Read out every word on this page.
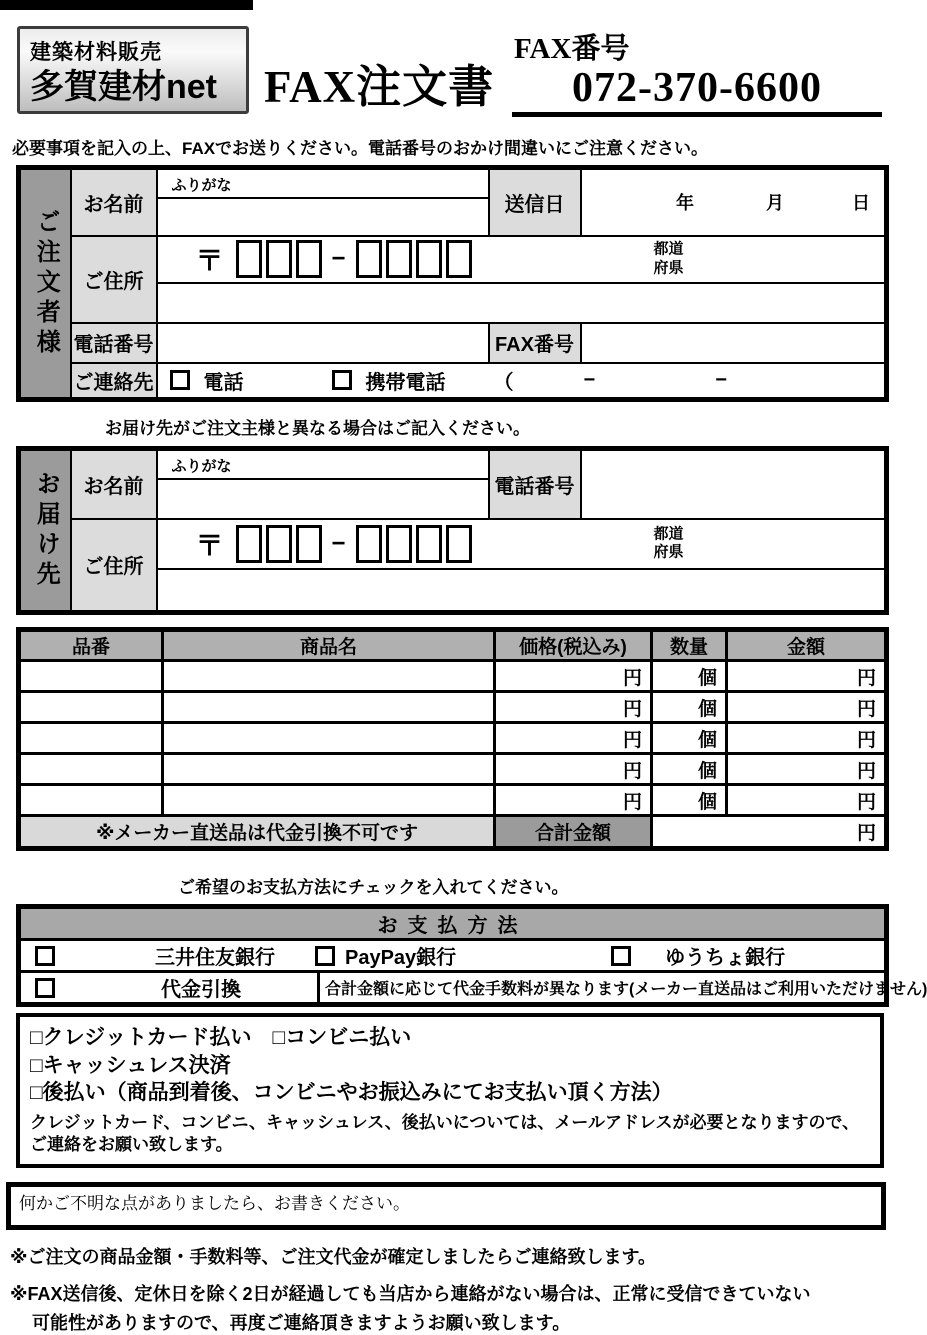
建築材料販売
多賀建材net	FAX注文書
FAX番号
072-370-6600
必要事項を記入の上、FAXでお送りください。電話番号のおかけ間違いにご注意ください。
ご注文者様	お名前	ふりがな	送信日	年 月 日

	ご住所	〒 − 都道
府県		

	電話番号		FAX番号	
	ご連絡先	電話 携帯電話 （ − −		
お届け先がご注文主様と異なる場合はご記入ください。
お届け先	お名前	ふりがな	電話番号	

	ご住所	〒 − 都道
府県		

品番	商品名	価格(税込み)	数量	金額
		円	個	円
		円	個	円
		円	個	円
		円	個	円
		円	個	円
※メーカー直送品は代金引換不可です		合計金額	円	
ご希望のお支払方法にチェックを入れてください。
お支払方法

三井住友銀行	PayPay銀行	ゆうちょ銀行

代金引換	合計金額に応じて代金手数料が異なります(メーカー直送品はご利用いただけません)
□クレジットカード払い　□コンビニ払い
□キャッシュレス決済
□後払い（商品到着後、コンビニやお振込みにてお支払い頂く方法）
クレジットカード、コンビニ、キャッシュレス、後払いについては、メールアドレスが必要となりますので、
ご連絡をお願い致します。
何かご不明な点がありましたら、お書きください。
※ご注文の商品金額・手数料等、ご注文代金が確定しましたらご連絡致します。
※FAX送信後、定休日を除く2日が経過しても当店から連絡がない場合は、正常に受信できていない
可能性がありますので、再度ご連絡頂きますようお願い致します。
